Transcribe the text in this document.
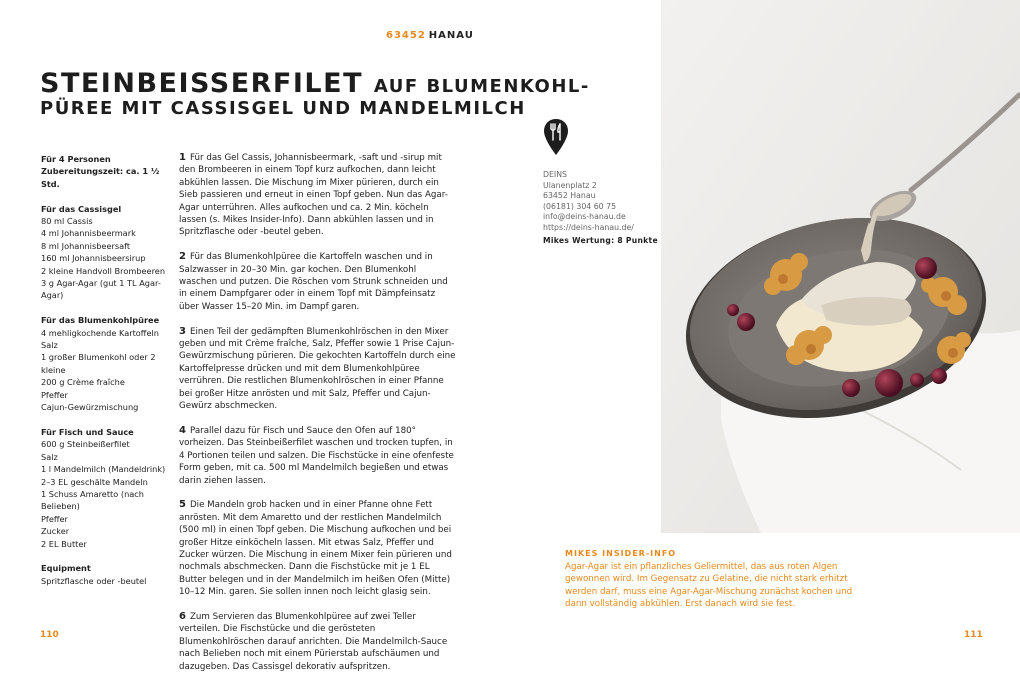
63452 HANAU
STEINBEISSERFILET AUF BLUMENKOHL-
PÜREE MIT CASSISGEL UND MANDELMILCH
Für 4 Personen
Zubereitungszeit: ca. 1 ½ Std.
Für das Cassisgel
80 ml Cassis
4 ml Johannisbeermark
8 ml Johannisbeersaft
160 ml Johannisbeersirup
2 kleine Handvoll Brombeeren
3 g Agar-Agar (gut 1 TL Agar-Agar)
Für das Blumenkohlpüree
4 mehligkochende Kartoffeln
Salz
1 großer Blumenkohl oder 2 kleine
200 g Crème fraîche
Pfeffer
Cajun-Gewürzmischung
Für Fisch und Sauce
600 g Steinbeißerfilet
Salz
1 l Mandelmilch (Mandeldrink)
2–3 EL geschälte Mandeln
1 Schuss Amaretto (nach Belieben)
Pfeffer
Zucker
2 EL Butter
Equipment
Spritzflasche oder -beutel
1 Für das Gel Cassis, Johannisbeermark, -saft und -sirup mit den Brombeeren in einem Topf kurz aufkochen, dann leicht abkühlen lassen. Die Mischung im Mixer pürieren, durch ein Sieb passieren und erneut in einen Topf geben. Nun das Agar-Agar unterrühren. Alles aufkochen und ca. 2 Min. köcheln lassen (s. Mikes Insider-Info). Dann abkühlen lassen und in Spritzflasche oder -beutel geben.
2 Für das Blumenkohlpüree die Kartoffeln waschen und in Salzwasser in 20–30 Min. gar kochen. Den Blumenkohl waschen und putzen. Die Röschen vom Strunk schneiden und in einem Dampfgarer oder in einem Topf mit Dämpfeinsatz über Wasser 15–20 Min. im Dampf garen.
3 Einen Teil der gedämpften Blumenkohlröschen in den Mixer geben und mit Crème fraîche, Salz, Pfeffer sowie 1 Prise Cajun-Gewürzmischung pürieren. Die gekochten Kartoffeln durch eine Kartoffelpresse drücken und mit dem Blumenkohlpüree verrühren. Die restlichen Blumenkohlröschen in einer Pfanne bei großer Hitze anrösten und mit Salz, Pfeffer und Cajun-Gewürz abschmecken.
4 Parallel dazu für Fisch und Sauce den Ofen auf 180° vorheizen. Das Steinbeißerfilet waschen und trocken tupfen, in 4 Portionen teilen und salzen. Die Fischstücke in eine ofenfeste Form geben, mit ca. 500 ml Mandelmilch begießen und etwas darin ziehen lassen.
5 Die Mandeln grob hacken und in einer Pfanne ohne Fett anrösten. Mit dem Amaretto und der restlichen Mandelmilch (500 ml) in einen Topf geben. Die Mischung aufkochen und bei großer Hitze einköcheln lassen. Mit etwas Salz, Pfeffer und Zucker würzen. Die Mischung in einem Mixer fein pürieren und nochmals abschmecken. Dann die Fischstücke mit je 1 EL Butter belegen und in der Mandelmilch im heißen Ofen (Mitte) 10–12 Min. garen. Sie sollen innen noch leicht glasig sein.
6 Zum Servieren das Blumenkohlpüree auf zwei Teller verteilen. Die Fischstücke und die gerösteten Blumenkohlröschen darauf anrichten. Die Mandelmilch-Sauce nach Belieben noch mit einem Pürierstab aufschäumen und dazugeben. Das Cassisgel dekorativ aufspritzen.
DEINS
Ulanenplatz 2
63452 Hanau
(06181) 304 60 75
info@deins-hanau.de
https://deins-hanau.de/
Mikes Wertung: 8 Punkte
MIKES INSIDER-INFO
Agar-Agar ist ein pflanzliches Geliermittel, das aus roten Algen gewonnen wird. Im Gegensatz zu Gelatine, die nicht stark erhitzt werden darf, muss eine Agar-Agar-Mischung zunächst kochen und dann vollständig abkühlen. Erst danach wird sie fest.
110	111
